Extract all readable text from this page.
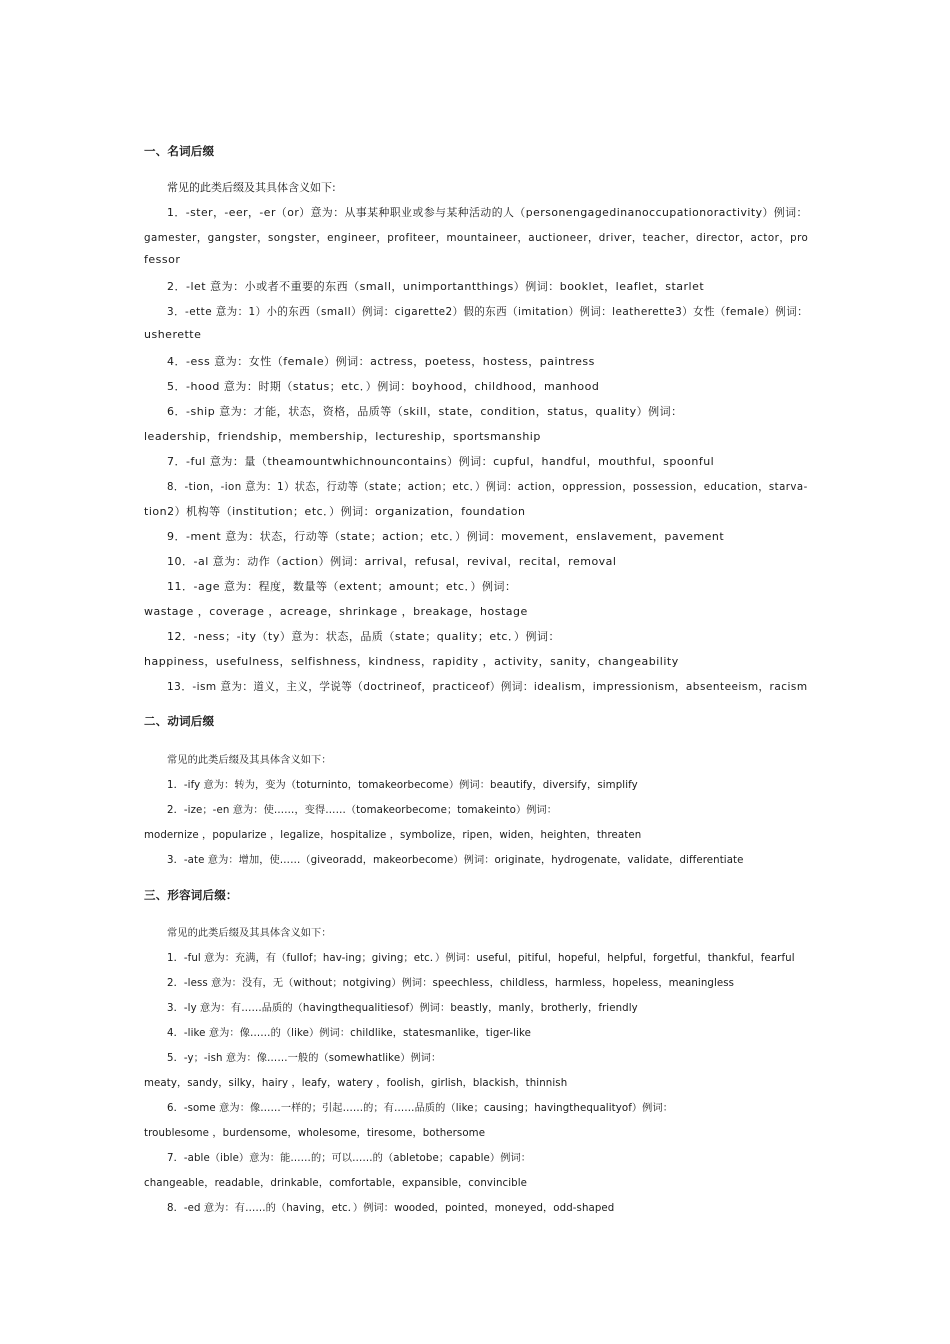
一、名词后缀
常见的此类后缀及其具体含义如下:
1．-ster，-eer，-er（or）意为：从事某种职业或参与某种活动的人（personengagedinanoccupationoractivity）例词：
gamester，gangster，songster，engineer，profiteer，mountaineer，auctioneer，driver，teacher，director，actor，pro
fessor
2．-let 意为：小或者不重要的东西（small，unimportantthings）例词：booklet，leaflet，starlet
3．-ette 意为：1）小的东西（small）例词：cigarette2）假的东西（imitation）例词：leatherette3）女性（female）例词：
usherette
4．-ess 意为：女性（female）例词：actress，poetess，hostess，paintress
5．-hood 意为：时期（status；etc．）例词：boyhood，childhood，manhood
6．-ship 意为：才能，状态，资格，品质等（skill，state，condition，status，quality）例词：
leadership，friendship，membership，lectureship，sportsmanship
7．-ful 意为：量（theamountwhichnouncontains）例词：cupful，handful，mouthful，spoonful
8．-tion，-ion 意为：1）状态，行动等（state；action；etc．）例词：action，oppression，possession，education，starva-
tion2）机构等（institution；etc．）例词：organization，foundation
9．-ment 意为：状态，行动等（state；action；etc．）例词：movement，enslavement，pavement
10．-al 意为：动作（action）例词：arrival，refusal，revival，recital，removal
11．-age 意为：程度，数量等（extent；amount；etc．）例词：
wastage ，coverage ，acreage，shrinkage ，breakage，hostage
12．-ness；-ity（ty）意为：状态，品质（state；quality；etc．）例词：
happiness，usefulness，selfishness，kindness，rapidity ，activity，sanity，changeability
13．-ism 意为：道义，主义，学说等（doctrineof，practiceof）例词：idealism，impressionism，absenteeism，racism
二、动词后缀
常见的此类后缀及其具体含义如下：
1．-ify 意为：转为，变为（toturninto，tomakeorbecome）例词：beautify，diversify，simplify
2．-ize；-en 意为：使……，变得……（tomakeorbecome；tomakeinto）例词：
modernize ，popularize ，legalize，hospitalize ，symbolize，ripen，widen，heighten，threaten
3．-ate 意为：增加，使……（giveoradd，makeorbecome）例词：originate，hydrogenate，validate，differentiate
三、形容词后缀：
常见的此类后缀及其具体含义如下：
1．-ful 意为：充满，有（fullof；hav-ing；giving；etc．）例词：useful，pitiful，hopeful，helpful，forgetful，thankful，fearful
2．-less 意为：没有，无（without；notgiving）例词：speechless，childless，harmless，hopeless，meaningless
3．-ly 意为：有……品质的（havingthequalitiesof）例词：beastly，manly，brotherly，friendly
4．-like 意为：像……的（like）例词：childlike，statesmanlike，tiger-like
5．-y；-ish 意为：像……一般的（somewhatlike）例词：
meaty，sandy，silky，hairy ，leafy，watery ，foolish，girlish，blackish，thinnish
6．-some 意为：像……一样的；引起……的；有……品质的（like；causing；havingthequalityof）例词：
troublesome ，burdensome，wholesome，tiresome，bothersome
7．-able（ible）意为：能……的；可以……的（abletobe；capable）例词：
changeable，readable，drinkable，comfortable，expansible，convincible
8．-ed 意为：有……的（having，etc．）例词：wooded，pointed，moneyed，odd-shaped
